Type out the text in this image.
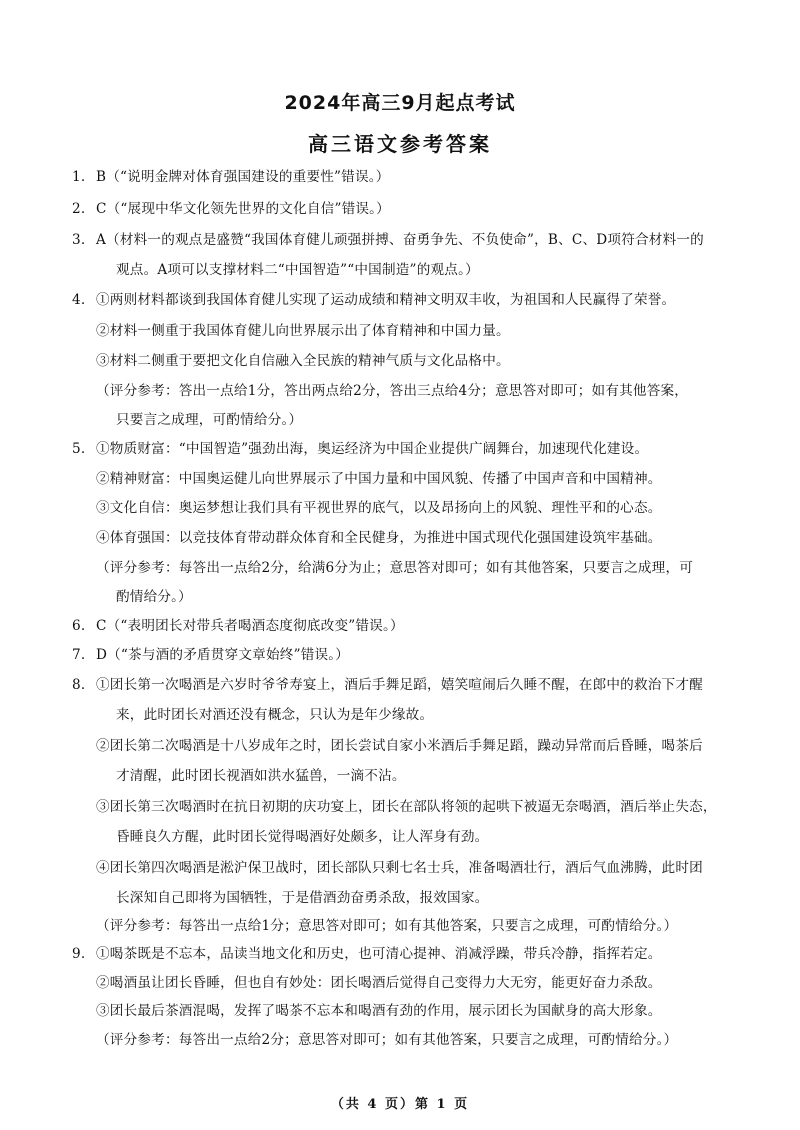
2024年高三9月起点考试
高三语文参考答案
1. B（“说明金牌对体育强国建设的重要性”错误。）
2. C（“展现中华文化领先世界的文化自信”错误。）
3. A（材料一的观点是盛赞“我国体育健儿顽强拼搏、奋勇争先、不负使命”，B、C、D项符合材料一的
观点。A项可以支撑材料二“中国智造”“中国制造”的观点。）
4. ①两则材料都谈到我国体育健儿实现了运动成绩和精神文明双丰收，为祖国和人民赢得了荣誉。
②材料一侧重于我国体育健儿向世界展示出了体育精神和中国力量。
③材料二侧重于要把文化自信融入全民族的精神气质与文化品格中。
（评分参考：答出一点给1分，答出两点给2分，答出三点给4分；意思答对即可；如有其他答案，
只要言之成理，可酌情给分。）
5. ①物质财富：“中国智造”强劲出海，奥运经济为中国企业提供广阔舞台，加速现代化建设。
②精神财富：中国奥运健儿向世界展示了中国力量和中国风貌、传播了中国声音和中国精神。
③文化自信：奥运梦想让我们具有平视世界的底气，以及昂扬向上的风貌、理性平和的心态。
④体育强国：以竞技体育带动群众体育和全民健身，为推进中国式现代化强国建设筑牢基础。
（评分参考：每答出一点给2分，给满6分为止；意思答对即可；如有其他答案，只要言之成理，可
酌情给分。）
6. C（“表明团长对带兵者喝酒态度彻底改变”错误。）
7. D（“茶与酒的矛盾贯穿文章始终”错误。）
8. ①团长第一次喝酒是六岁时爷爷寿宴上，酒后手舞足蹈，嬉笑喧闹后久睡不醒，在郎中的救治下才醒
来，此时团长对酒还没有概念，只认为是年少缘故。
②团长第二次喝酒是十八岁成年之时，团长尝试自家小米酒后手舞足蹈，躁动异常而后昏睡，喝茶后
才清醒，此时团长视酒如洪水猛兽，一滴不沾。
③团长第三次喝酒时在抗日初期的庆功宴上，团长在部队将领的起哄下被逼无奈喝酒，酒后举止失态，
昏睡良久方醒，此时团长觉得喝酒好处颇多，让人浑身有劲。
④团长第四次喝酒是淞沪保卫战时，团长部队只剩七名士兵，准备喝酒壮行，酒后气血沸腾，此时团
长深知自己即将为国牺牲，于是借酒劲奋勇杀敌，报效国家。
（评分参考：每答出一点给1分；意思答对即可；如有其他答案，只要言之成理，可酌情给分。）
9. ①喝茶既是不忘本，品读当地文化和历史，也可清心提神、消减浮躁，带兵冷静，指挥若定。
②喝酒虽让团长昏睡，但也自有妙处：团长喝酒后觉得自己变得力大无穷，能更好奋力杀敌。
③团长最后茶酒混喝，发挥了喝茶不忘本和喝酒有劲的作用，展示团长为国献身的高大形象。
（评分参考：每答出一点给2分；意思答对即可；如有其他答案，只要言之成理，可酌情给分。）
（共 4 页）第 1 页
